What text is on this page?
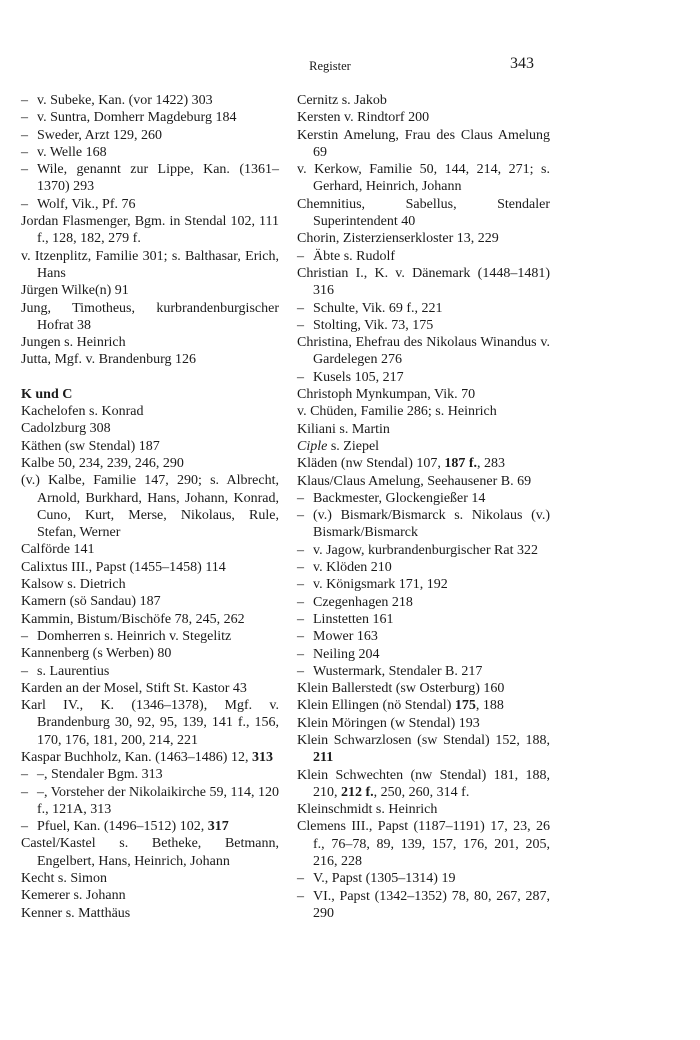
Register	343

– v. Subeke, Kan. (vor 1422) 303

– v. Suntra, Domherr Magdeburg 184

– Sweder, Arzt 129, 260

– v. Welle 168

– Wile, genannt zur Lippe, Kan. (1361–1370) 293

– Wolf, Vik., Pf. 76

Jordan Flasmenger, Bgm. in Stendal 102, 111 f., 128, 182, 279 f.

v. Itzenplitz, Familie 301; s. Balthasar, Erich, Hans

Jürgen Wilke(n) 91

Jung, Timotheus, kurbrandenburgischer Hofrat 38

Jungen s. Heinrich

Jutta, Mgf. v. Brandenburg 126

K und C

Kachelofen s. Konrad

Cadolzburg 308

Käthen (sw Stendal) 187

Kalbe 50, 234, 239, 246, 290

(v.) Kalbe, Familie 147, 290; s. Albrecht, Arnold, Burkhard, Hans, Johann, Konrad, Cuno, Kurt, Merse, Nikolaus, Rule, Stefan, Werner

Calförde 141

Calixtus III., Papst (1455–1458) 114

Kalsow s. Dietrich

Kamern (sö Sandau) 187

Kammin, Bistum/Bischöfe 78, 245, 262

– Domherren s. Heinrich v. Stegelitz

Kannenberg (s Werben) 80

– s. Laurentius

Karden an der Mosel, Stift St. Kastor 43

Karl IV., K. (1346–1378), Mgf. v. Brandenburg 30, 92, 95, 139, 141 f., 156, 170, 176, 181, 200, 214, 221

Kaspar Buchholz, Kan. (1463–1486) 12, 313

– –, Stendaler Bgm. 313

– –, Vorsteher der Nikolaikirche 59, 114, 120 f., 121A, 313

– Pfuel, Kan. (1496–1512) 102, 317

Castel/Kastel s. Betheke, Betmann, Engelbert, Hans, Heinrich, Johann

Kecht s. Simon

Kemerer s. Johann

Kenner s. Matthäus

Cernitz s. Jakob

Kersten v. Rindtorf 200

Kerstin Amelung, Frau des Claus Amelung 69

v. Kerkow, Familie 50, 144, 214, 271; s. Gerhard, Heinrich, Johann

Chemnitius, Sabellus, Stendaler Superintendent 40

Chorin, Zisterzienserkloster 13, 229

– Äbte s. Rudolf

Christian I., K. v. Dänemark (1448–1481) 316

– Schulte, Vik. 69 f., 221

– Stolting, Vik. 73, 175

Christina, Ehefrau des Nikolaus Winandus v. Gardelegen 276

– Kusels 105, 217

Christoph Mynkumpan, Vik. 70

v. Chüden, Familie 286; s. Heinrich

Kiliani s. Martin

Ciple s. Ziepel

Kläden (nw Stendal) 107, 187 f., 283

Klaus/Claus Amelung, Seehausener B. 69

– Backmester, Glockengießer 14

– (v.) Bismark/Bismarck s. Nikolaus (v.) Bismark/Bismarck

– v. Jagow, kurbrandenburgischer Rat 322

– v. Klöden 210

– v. Königsmark 171, 192

– Czegenhagen 218

– Linstetten 161

– Mower 163

– Neiling 204

– Wustermark, Stendaler B. 217

Klein Ballerstedt (sw Osterburg) 160

Klein Ellingen (nö Stendal) 175, 188

Klein Möringen (w Stendal) 193

Klein Schwarzlosen (sw Stendal) 152, 188, 211

Klein Schwechten (nw Stendal) 181, 188, 210, 212 f., 250, 260, 314 f.

Kleinschmidt s. Heinrich

Clemens III., Papst (1187–1191) 17, 23, 26 f., 76–78, 89, 139, 157, 176, 201, 205, 216, 228

– V., Papst (1305–1314) 19

– VI., Papst (1342–1352) 78, 80, 267, 287, 290
